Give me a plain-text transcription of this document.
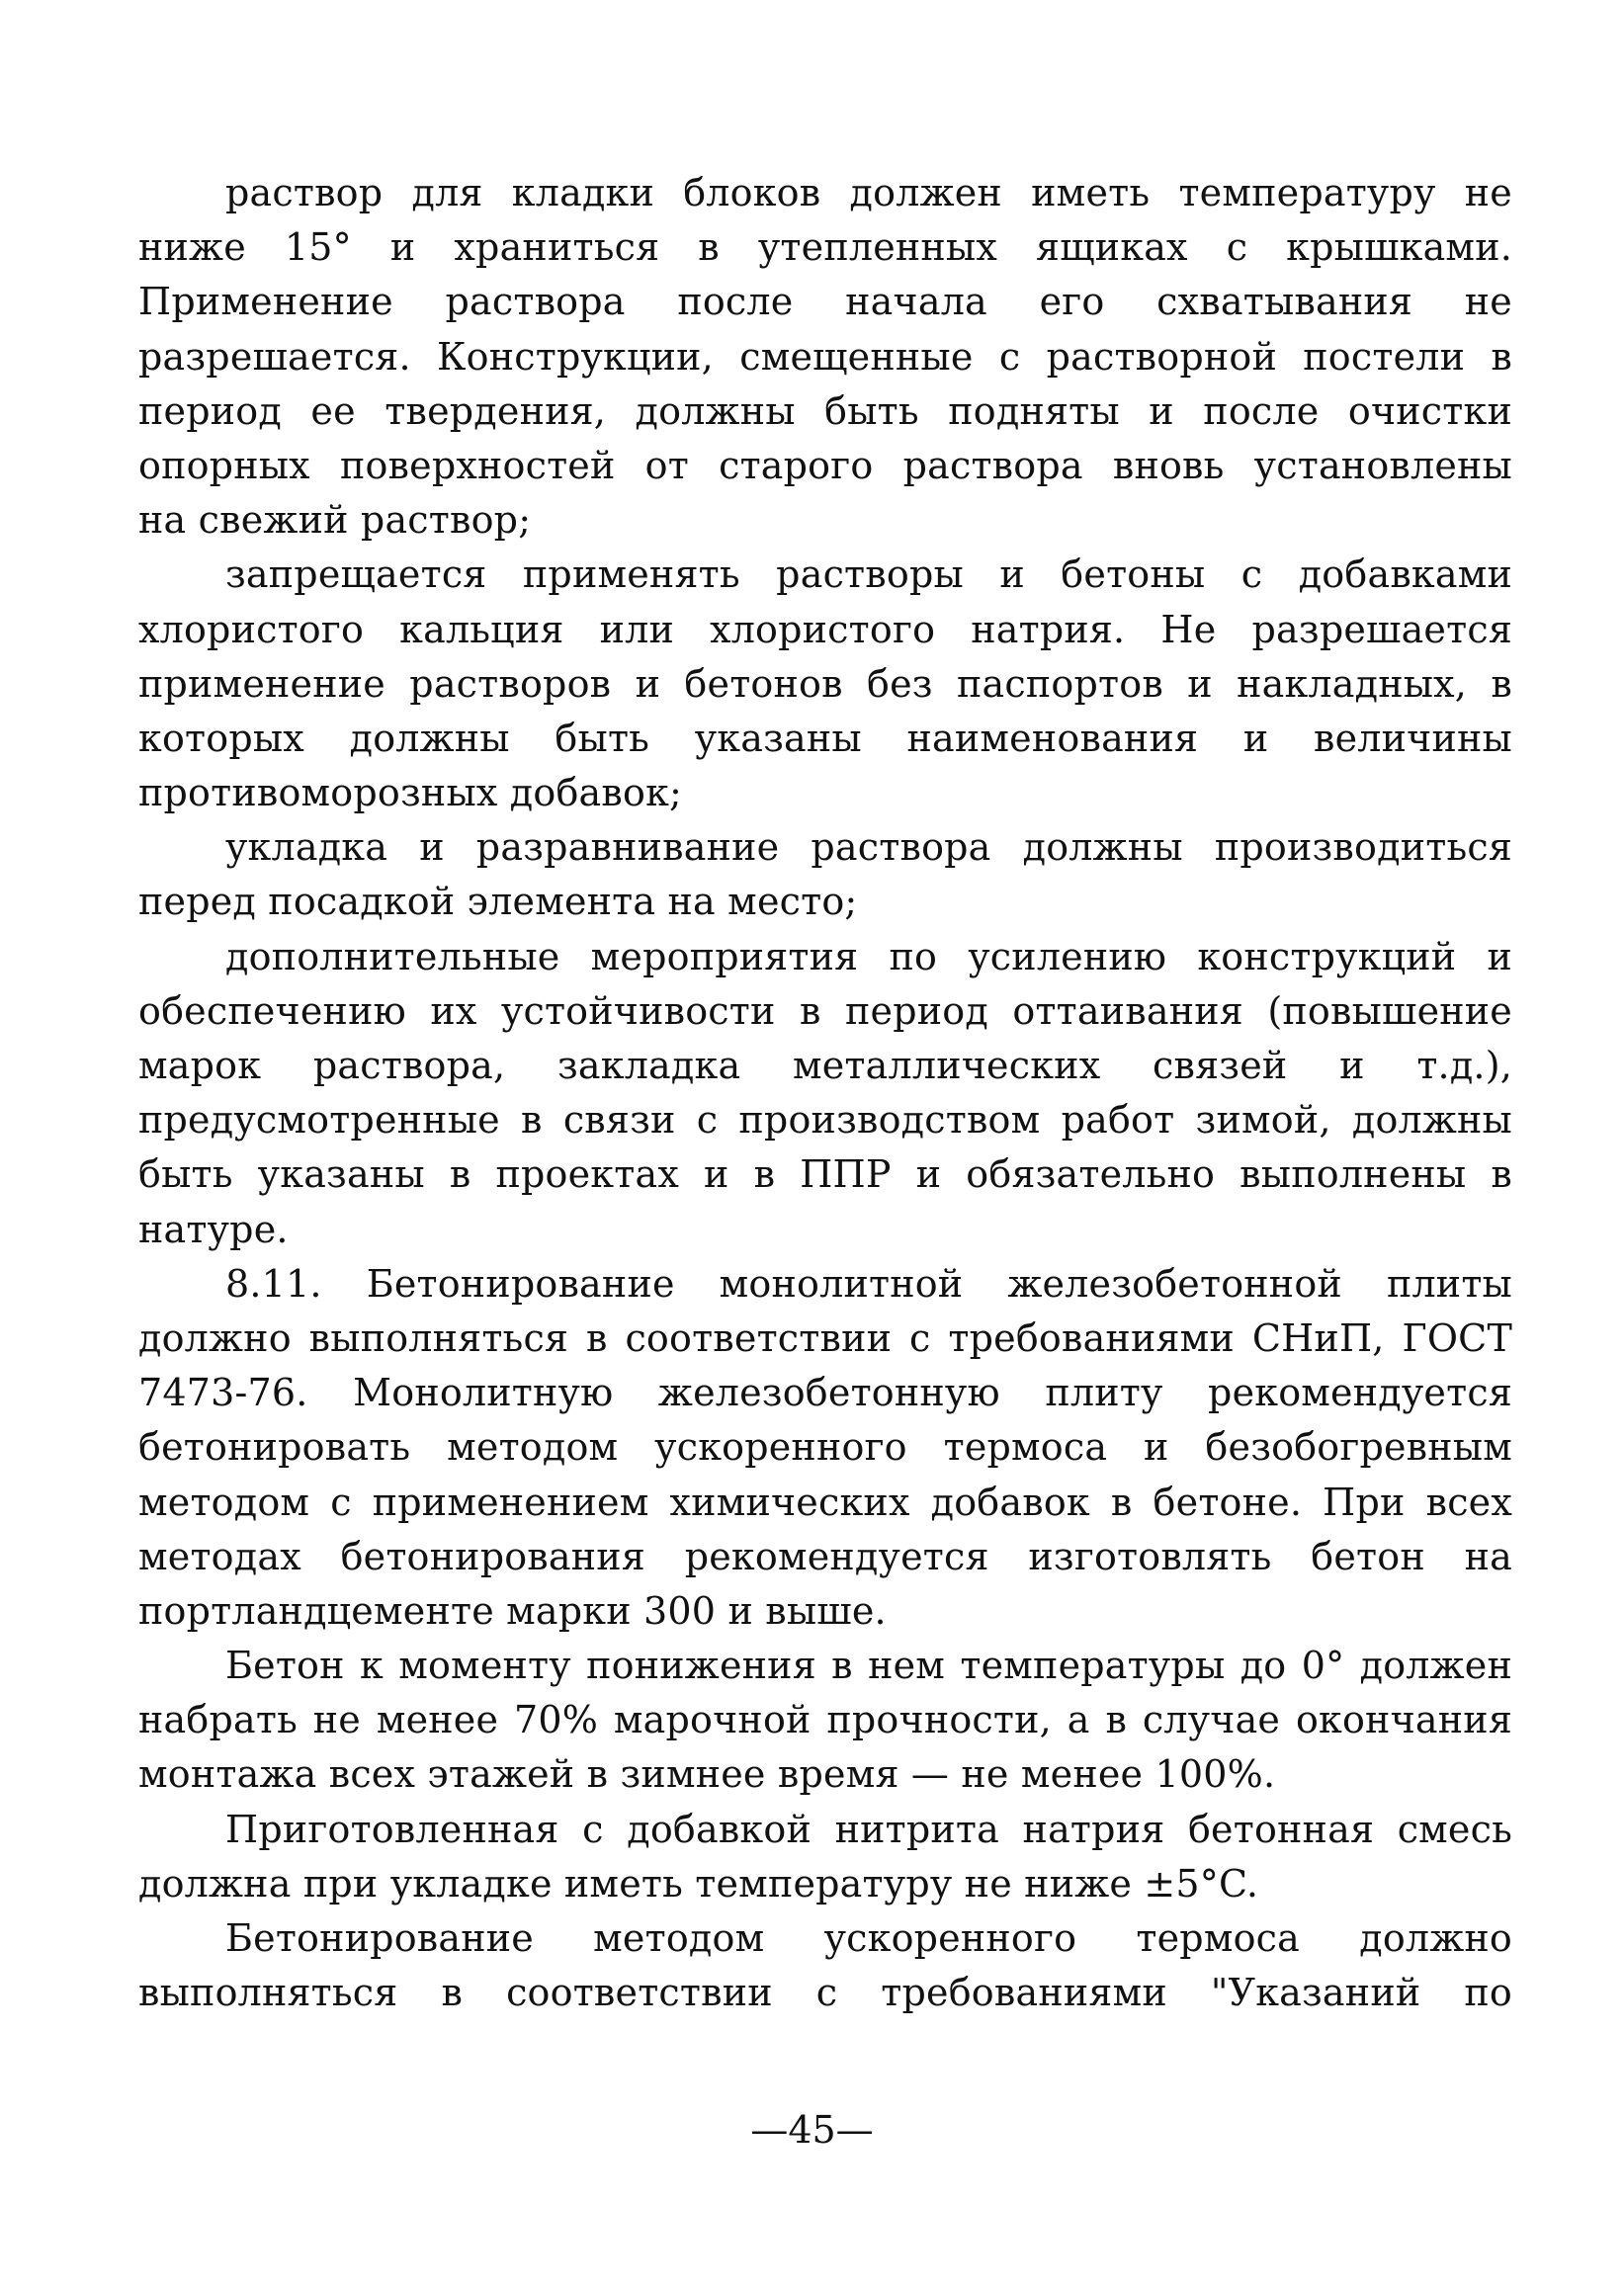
раствор для кладки блоков должен иметь температуру не
ниже 15° и храниться в утепленных ящиках с крышками.
Применение раствора после начала его схватывания не
разрешается. Конструкции, смещенные с растворной постели в
период ее твердения, должны быть подняты и после очистки
опорных поверхностей от старого раствора вновь установлены
на свежий раствор;
запрещается применять растворы и бетоны с добавками
хлористого кальция или хлористого натрия. Не разрешается
применение растворов и бетонов без паспортов и накладных, в
которых должны быть указаны наименования и величины
противоморозных добавок;
укладка и разравнивание раствора должны производиться
перед посадкой элемента на место;
дополнительные мероприятия по усилению конструкций и
обеспечению их устойчивости в период оттаивания (повышение
марок раствора, закладка металлических связей и т.д.),
предусмотренные в связи с производством работ зимой, должны
быть указаны в проектах и в ППР и обязательно выполнены в
натуре.
8.11. Бетонирование монолитной железобетонной плиты
должно выполняться в соответствии с требованиями СНиП, ГОСТ
7473-76. Монолитную железобетонную плиту рекомендуется
бетонировать методом ускоренного термоса и безобогревным
методом с применением химических добавок в бетоне. При всех
методах бетонирования рекомендуется изготовлять бетон на
портландцементе марки 300 и выше.
Бетон к моменту понижения в нем температуры до 0° должен
набрать не менее 70% марочной прочности, а в случае окончания
монтажа всех этажей в зимнее время — не менее 100%.
Приготовленная с добавкой нитрита натрия бетонная смесь
должна при укладке иметь температуру не ниже ±5°C.
Бетонирование методом ускоренного термоса должно
выполняться в соответствии с требованиями "Указаний по
—45—
